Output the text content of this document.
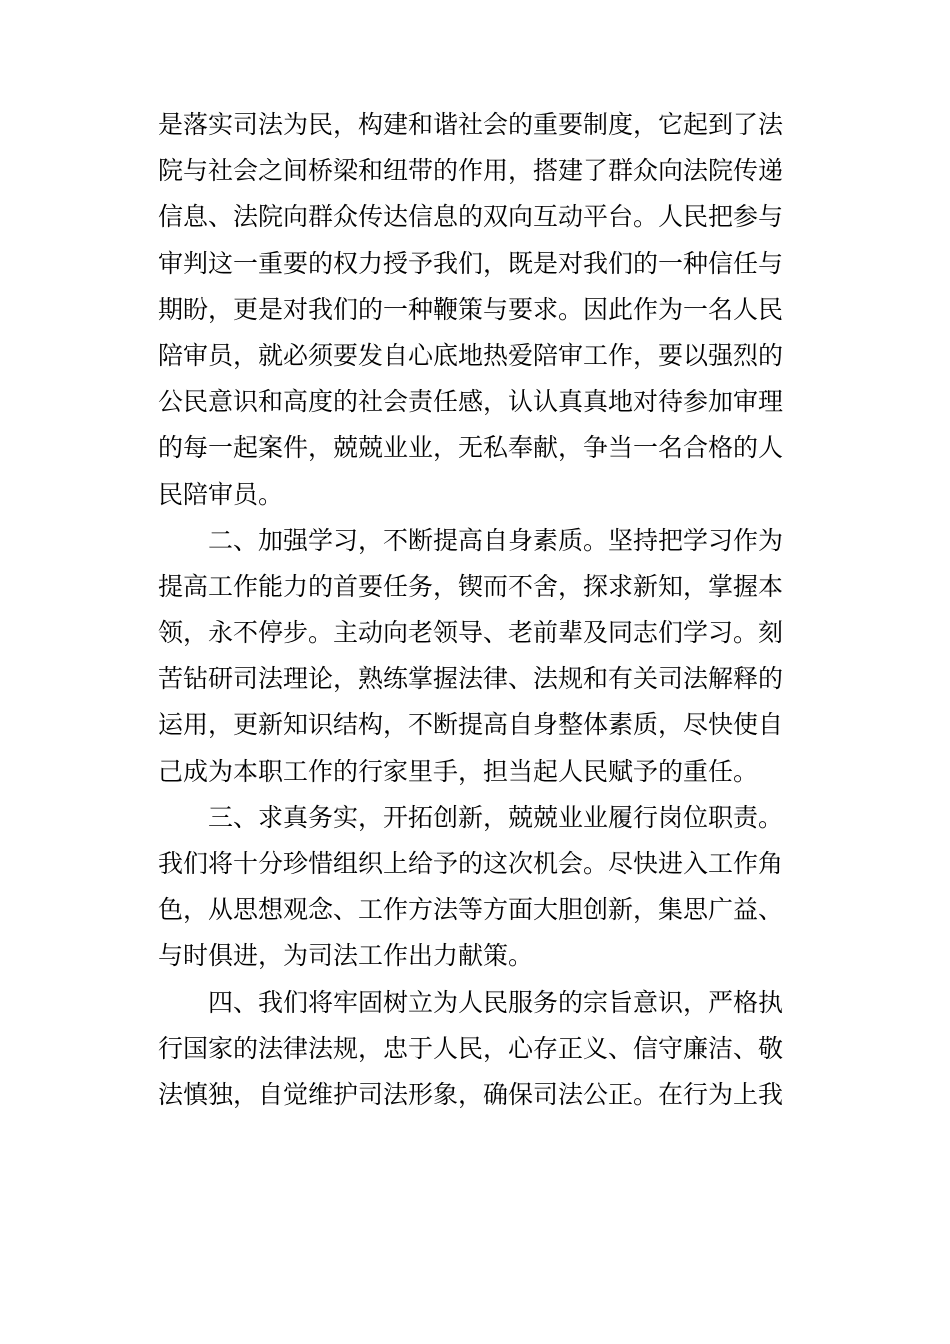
是落实司法为民，构建和谐社会的重要制度，它起到了法
院与社会之间桥梁和纽带的作用，搭建了群众向法院传递
信息、法院向群众传达信息的双向互动平台。人民把参与
审判这一重要的权力授予我们，既是对我们的一种信任与
期盼，更是对我们的一种鞭策与要求。因此作为一名人民
陪审员，就必须要发自心底地热爱陪审工作，要以强烈的
公民意识和高度的社会责任感，认认真真地对待参加审理
的每一起案件，兢兢业业，无私奉献，争当一名合格的人
民陪审员。
二、加强学习，不断提高自身素质。坚持把学习作为
提高工作能力的首要任务，锲而不舍，探求新知，掌握本
领，永不停步。主动向老领导、老前辈及同志们学习。刻
苦钻研司法理论，熟练掌握法律、法规和有关司法解释的
运用，更新知识结构，不断提高自身整体素质，尽快使自
己成为本职工作的行家里手，担当起人民赋予的重任。
三、求真务实，开拓创新，兢兢业业履行岗位职责。
我们将十分珍惜组织上给予的这次机会。尽快进入工作角
色，从思想观念、工作方法等方面大胆创新，集思广益、
与时俱进，为司法工作出力献策。
四、我们将牢固树立为人民服务的宗旨意识，严格执
行国家的法律法规，忠于人民，心存正义、信守廉洁、敬
法慎独，自觉维护司法形象，确保司法公正。在行为上我
